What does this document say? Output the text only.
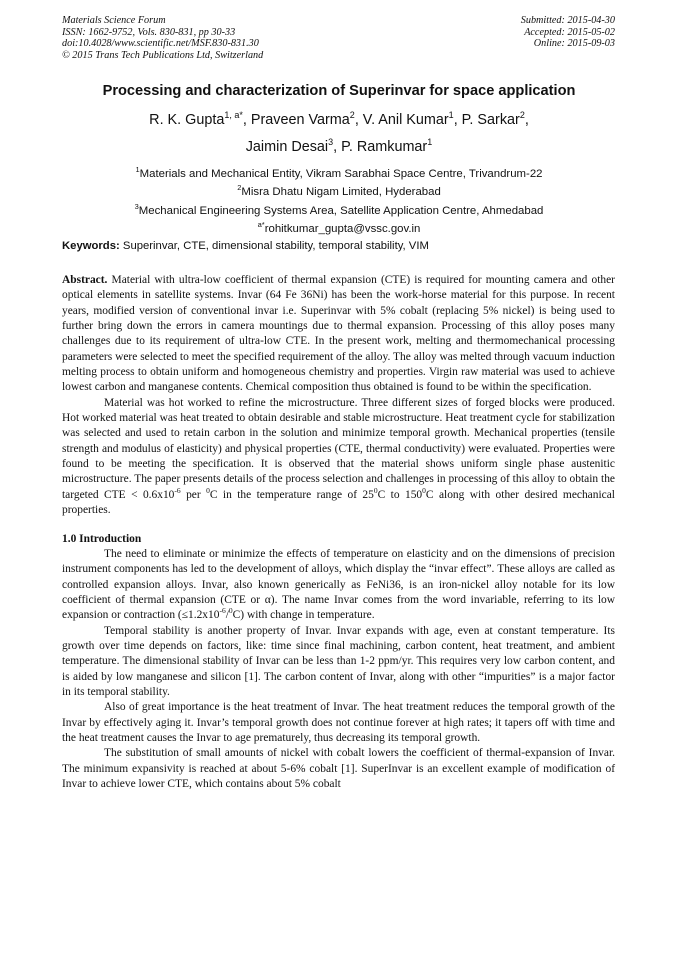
Materials Science Forum
ISSN: 1662-9752, Vols. 830-831, pp 30-33
doi:10.4028/www.scientific.net/MSF.830-831.30
© 2015 Trans Tech Publications Ltd, Switzerland
Submitted: 2015-04-30
Accepted: 2015-05-02
Online: 2015-09-03
Processing and characterization of Superinvar for space application
R. K. Gupta$^{1, a*}$, Praveen Varma$^2$, V. Anil Kumar$^1$, P. Sarkar$^2$,
Jaimin Desai$^3$, P. Ramkumar$^1$
$^1$Materials and Mechanical Entity, Vikram Sarabhai Space Centre, Trivandrum-22
$^2$Misra Dhatu Nigam Limited, Hyderabad
$^3$Mechanical Engineering Systems Area, Satellite Application Centre, Ahmedabad
$^{a*}$rohitkumar_gupta@vssc.gov.in
Keywords: Superinvar, CTE, dimensional stability, temporal stability, VIM

Abstract. Material with ultra-low coefficient of thermal expansion (CTE) is required for mounting camera and other optical elements in satellite systems. Invar (64 Fe 36Ni) has been the work-horse material for this purpose. In recent years, modified version of conventional invar i.e. Superinvar with 5% cobalt (replacing 5% nickel) is being used to further bring down the errors in camera mountings due to thermal expansion. Processing of this alloy poses many challenges due to its requirement of ultra-low CTE. In the present work, melting and thermomechanical processing parameters were selected to meet the specified requirement of the alloy. The alloy was melted through vacuum induction melting process to obtain uniform and homogeneous chemistry and properties. Virgin raw material was used to achieve lowest carbon and manganese contents. Chemical composition thus obtained is found to be within the specification.

Material was hot worked to refine the microstructure. Three different sizes of forged blocks were produced. Hot worked material was heat treated to obtain desirable and stable microstructure. Heat treatment cycle for stabilization was selected and used to retain carbon in the solution and minimize temporal growth. Mechanical properties (tensile strength and modulus of elasticity) and physical properties (CTE, thermal conductivity) were evaluated. Properties were found to be meeting the specification. It is observed that the material shows uniform single phase austenitic microstructure. The paper presents details of the process selection and challenges in processing of this alloy to obtain the targeted CTE < $0.6x10^{-6}$ per $^0$C in the temperature range of $25^0C$ to $150^0C$ along with other desired mechanical properties.

1.0 Introduction

The need to eliminate or minimize the effects of temperature on elasticity and on the dimensions of precision instrument components has led to the development of alloys, which display the “invar effect”. These alloys are called as controlled expansion alloys. Invar, also known generically as FeNi36, is an iron-nickel alloy notable for its low coefficient of thermal expansion (CTE or α). The name Invar comes from the word invariable, referring to its low expansion or contraction $(\le 1.2x10^{-6}/^0C)$ with change in temperature.

Temporal stability is another property of Invar. Invar expands with age, even at constant temperature. Its growth over time depends on factors, like: time since final machining, carbon content, heat treatment, and ambient temperature. The dimensional stability of Invar can be less than 1-2 ppm/yr. This requires very low carbon content, and is aided by low manganese and silicon [1]. The carbon content of Invar, along with other “impurities” is a major factor in its temporal stability.

Also of great importance is the heat treatment of Invar. The heat treatment reduces the temporal growth of the Invar by effectively aging it. Invar’s temporal growth does not continue forever at high rates; it tapers off with time and the heat treatment causes the Invar to age prematurely, thus decreasing its temporal growth.

The substitution of small amounts of nickel with cobalt lowers the coefficient of thermal-expansion of Invar. The minimum expansivity is reached at about 5-6% cobalt [1]. SuperInvar is an excellent example of modification of Invar to achieve lower CTE, which contains about 5% cobalt
